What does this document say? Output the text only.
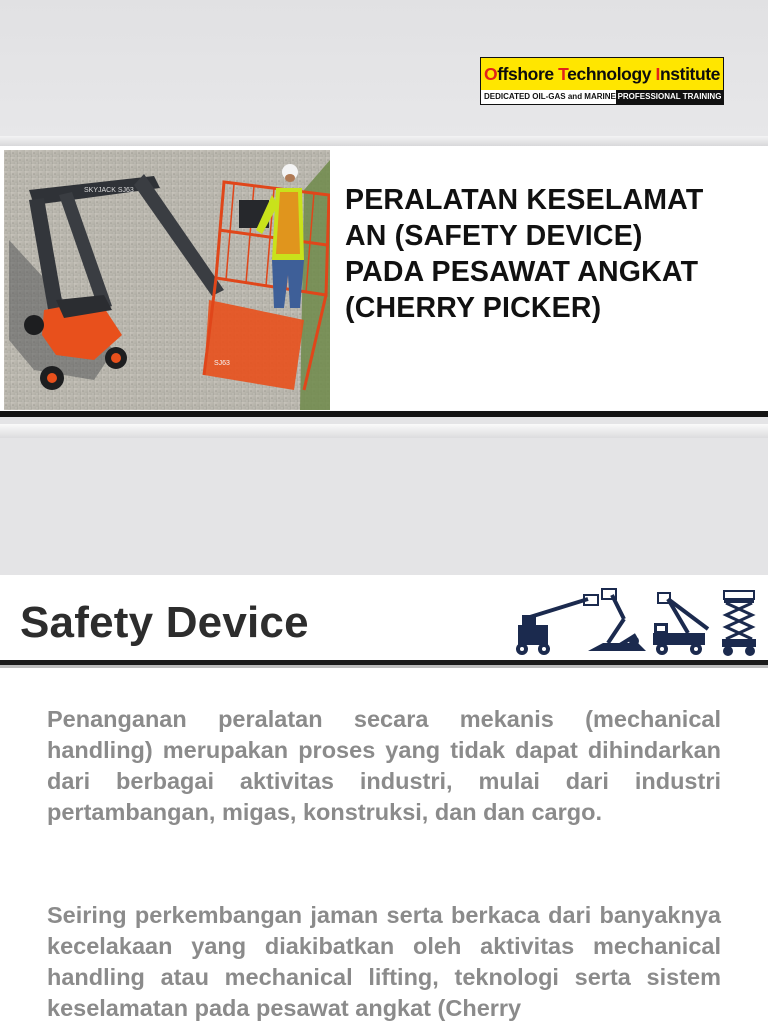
Offshore Technology Institute
DEDICATED OIL-GAS and MARINE PROFESSIONAL TRAINING
SKYJACK SJ63
SJ63
PERALATAN KESELAMAT
AN (SAFETY DEVICE)
PADA PESAWAT ANGKAT
(CHERRY PICKER)
Safety Device

Penanganan peralatan secara mekanis (mechanical handling) merupakan proses yang tidak dapat dihindarkan dari berbagai aktivitas industri, mulai dari industri pertambangan, migas, konstruksi, dan dan cargo.

Seiring perkembangan jaman serta berkaca dari banyaknya kecelakaan yang diakibatkan oleh aktivitas mechanical handling atau mechanical lifting, teknologi serta sistem keselamatan pada pesawat angkat (Cherry
